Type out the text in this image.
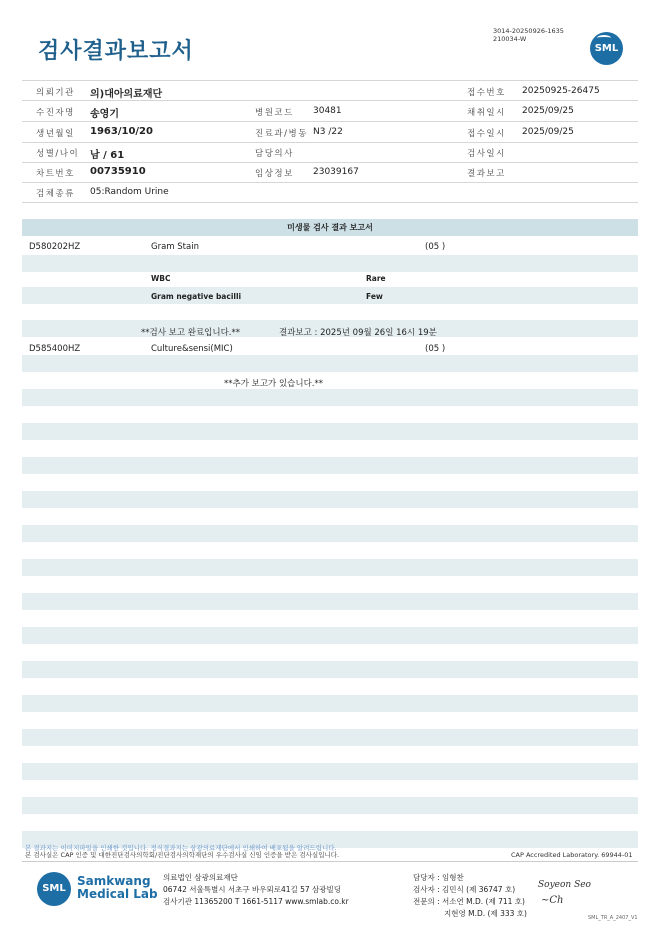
검사결과보고서
3014-20250926-1635
210034-W
SML
의뢰기관 의)대아의료재단	접수번호 20250925-26475
수진자명 송영기	병원코드 30481	채취일시 2025/09/25
생년월일 1963/10/20	진료과/병동 N3 /22	접수일시 2025/09/25
성별/나이 남 / 61	담당의사	검사일시
차트번호 00735910	임상정보 23039167	결과보고
검체종류 05:Random Urine
미생물 검사 결과 보고서
D580202HZ	Gram Stain	(05 )
WBC	Rare
Gram negative bacilli	Few
**검사 보고 완료입니다.**	결과보고 : 2025년 09월 26일 16시 19분
D585400HZ	Culture&sensi(MIC)	(05 )
**추가 보고가 있습니다.**
본 결과지는 이미지파일을 인쇄한 것입니다. 정식결과지는 삼광의료재단에서 인쇄하여 배포됨을 알려드립니다.
본 검사실은 CAP 인증 및 대한진단검사의학회/진단검사의학재단의 우수검사실 신임 인증을 받은 검사실입니다.	CAP Accredited Laboratory. 69944-01
SML
Samkwang
Medical Lab
의료법인 삼광의료재단
06742 서울특별시 서초구 바우뫼로41길 57 삼광빌딩
검사기관 11365200 T 1661-5117 www.smlab.co.kr
담당자 : 임형찬
검사자 : 김민식 (제 36747 호)
전문의 : 서소연 M.D. (제 711 호)
지현영 M.D. (제 333 호)
Soyeon Seo
~Ch
SML_TR_A_2407_V1
